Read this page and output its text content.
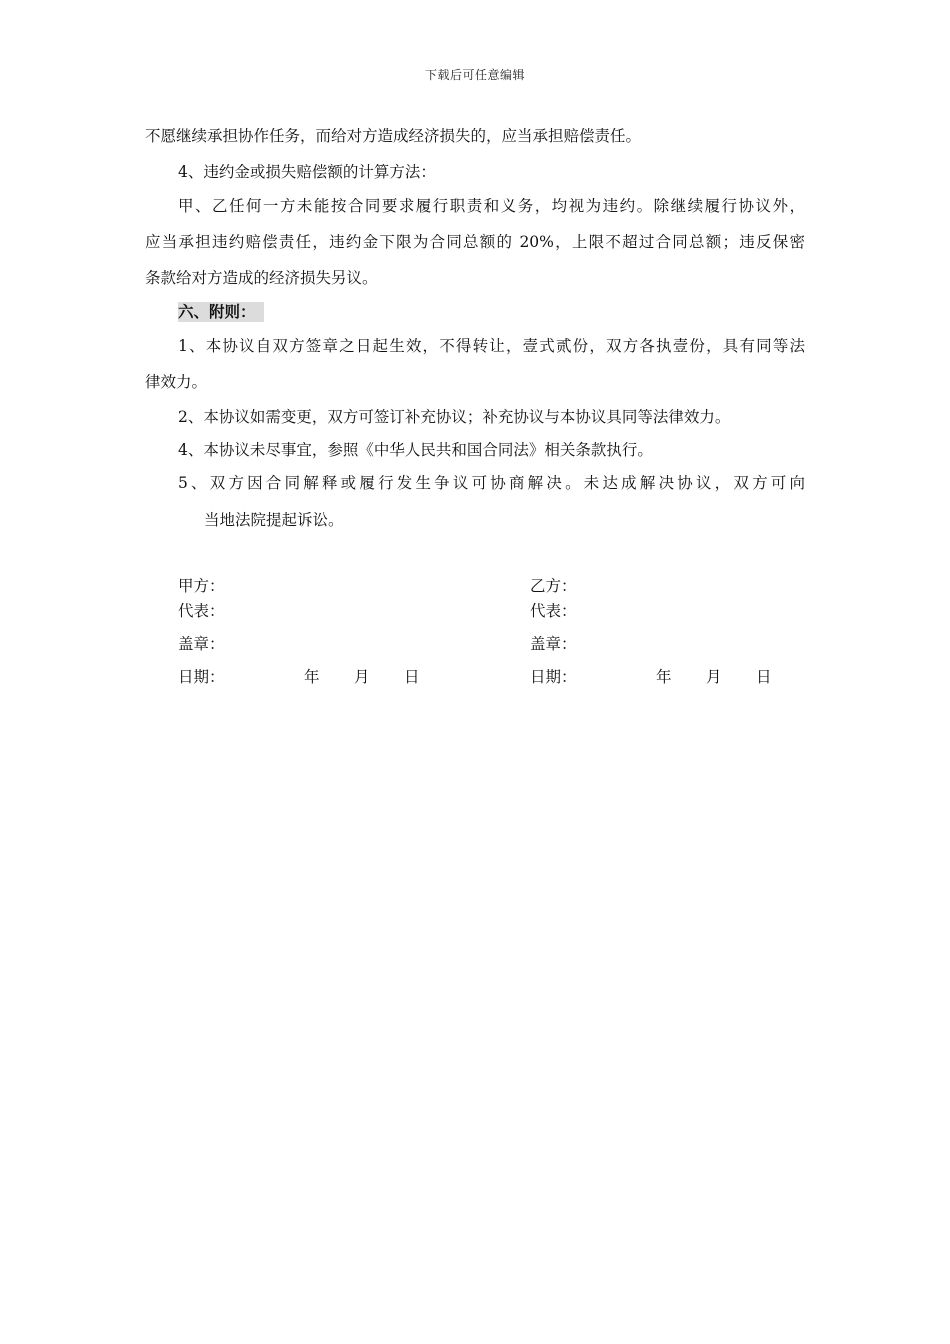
下载后可任意编辑
不愿继续承担协作任务，而给对方造成经济损失的，应当承担赔偿责任。
4、违约金或损失赔偿额的计算方法：
甲、乙任何一方未能按合同要求履行职责和义务，均视为违约。除继续履行协议外，
应当承担违约赔偿责任，违约金下限为合同总额的 20%，上限不超过合同总额；违反保密
条款给对方造成的经济损失另议。
六、附则：
1、本协议自双方签章之日起生效，不得转让，壹式贰份，双方各执壹份，具有同等法
律效力。
2、本协议如需变更，双方可签订补充协议；补充协议与本协议具同等法律效力。
4、本协议未尽事宜，参照《中华人民共和国合同法》相关条款执行。
5、双方因合同解释或履行发生争议可协商解决。未达成解决协议，双方可向
当地法院提起诉讼。
甲方：
代表：
盖章：
日期：	年 月 日
乙方：
代表：
盖章：
日期：	年 月 日
